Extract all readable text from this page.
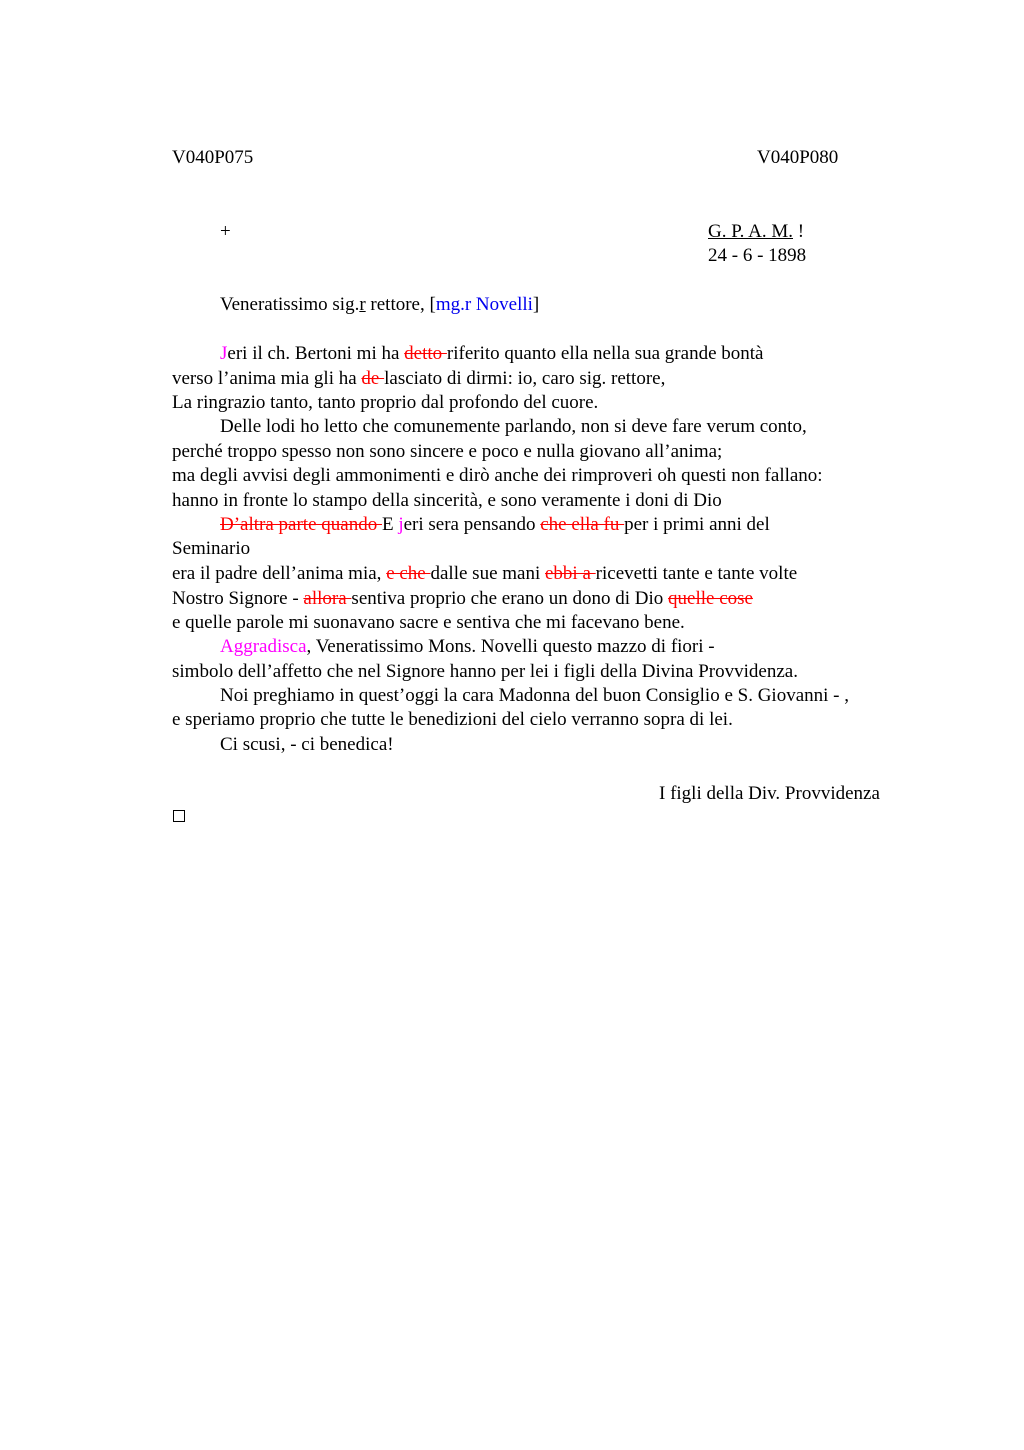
V040P075	V040P080
+	G. P. A. M. !
24 - 6 - 1898
Veneratissimo sig.r rettore, [mg.r Novelli]
Jeri il ch. Bertoni mi ha detto riferito quanto ella nella sua grande bontà
verso l’anima mia gli ha de lasciato di dirmi: io, caro sig. rettore,
La ringrazio tanto, tanto proprio dal profondo del cuore.
Delle lodi ho letto che comunemente parlando, non si deve fare verum conto,
perché troppo spesso non sono sincere e poco e nulla giovano all’anima;
ma degli avvisi degli ammonimenti e dirò anche dei rimproveri oh questi non fallano:
hanno in fronte lo stampo della sincerità, e sono veramente i doni di Dio
D’altra parte quando E jeri sera pensando che ella fu per i primi anni del
Seminario
era il padre dell’anima mia, e che dalle sue mani ebbi a ricevetti tante e tante volte
Nostro Signore - allora sentiva proprio che erano un dono di Dio quelle cose
e quelle parole mi suonavano sacre e sentiva che mi facevano bene.
Aggradisca, Veneratissimo Mons. Novelli questo mazzo di fiori -
simbolo dell’affetto che nel Signore hanno per lei i figli della Divina Provvidenza.
Noi preghiamo in quest’oggi la cara Madonna del buon Consiglio e S. Giovanni - ,
e speriamo proprio che tutte le benedizioni del cielo verranno sopra di lei.
Ci scusi, - ci benedica!
I figli della Div. Provvidenza
